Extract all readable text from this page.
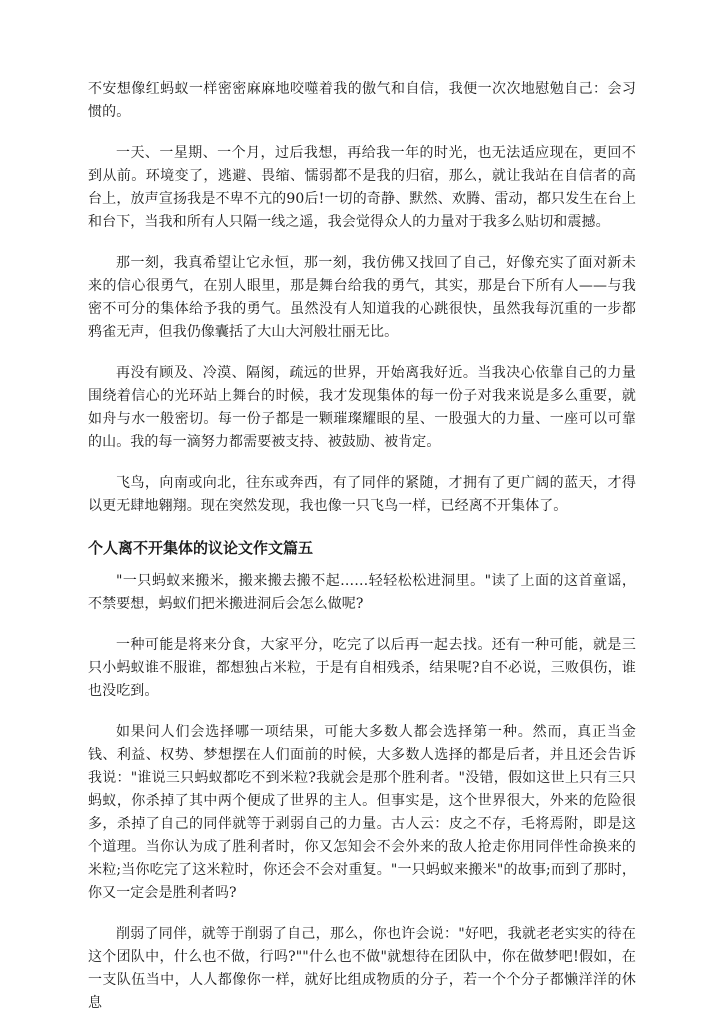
不安想像红蚂蚁一样密密麻麻地咬噬着我的傲气和自信，我便一次次地慰勉自己：会习惯的。

一天、一星期、一个月，过后我想，再给我一年的时光，也无法适应现在，更回不到从前。环境变了，逃避、畏缩、懦弱都不是我的归宿，那么，就让我站在自信者的高台上，放声宣扬我是不卑不亢的90后!一切的奇静、默然、欢腾、雷动，都只发生在台上和台下，当我和所有人只隔一线之遥，我会觉得众人的力量对于我多么贴切和震撼。

那一刻，我真希望让它永恒，那一刻，我仿佛又找回了自己，好像充实了面对新未来的信心很勇气，在别人眼里，那是舞台给我的勇气，其实，那是台下所有人——与我密不可分的集体给予我的勇气。虽然没有人知道我的心跳很快，虽然我每沉重的一步都鸦雀无声，但我仍像囊括了大山大河般壮丽无比。

再没有顾及、冷漠、隔阂，疏远的世界，开始离我好近。当我决心依靠自己的力量围绕着信心的光环站上舞台的时候，我才发现集体的每一份子对我来说是多么重要，就如舟与水一般密切。每一份子都是一颗璀璨耀眼的星、一股强大的力量、一座可以可靠的山。我的每一滴努力都需要被支持、被鼓励、被肯定。

飞鸟，向南或向北，往东或奔西，有了同伴的紧随，才拥有了更广阔的蓝天，才得以更无肆地翱翔。现在突然发现，我也像一只飞鸟一样，已经离不开集体了。

个人离不开集体的议论文作文篇五

"一只蚂蚁来搬米，搬来搬去搬不起……轻轻松松进洞里。"读了上面的这首童谣，不禁要想，蚂蚁们把米搬进洞后会怎么做呢?

一种可能是将来分食，大家平分，吃完了以后再一起去找。还有一种可能，就是三只小蚂蚁谁不服谁，都想独占米粒，于是有自相残杀，结果呢?自不必说，三败俱伤，谁也没吃到。

如果问人们会选择哪一项结果，可能大多数人都会选择第一种。然而，真正当金钱、利益、权势、梦想摆在人们面前的时候，大多数人选择的都是后者，并且还会告诉我说："谁说三只蚂蚁都吃不到米粒?我就会是那个胜利者。"没错，假如这世上只有三只蚂蚁，你杀掉了其中两个便成了世界的主人。但事实是，这个世界很大，外来的危险很多，杀掉了自己的同伴就等于剥弱自己的力量。古人云：皮之不存，毛将焉附，即是这个道理。当你认为成了胜利者时，你又怎知会不会外来的敌人抢走你用同伴性命换来的米粒;当你吃完了这米粒时，你还会不会对重复。"一只蚂蚁来搬米"的故事;而到了那时，你又一定会是胜利者吗?

削弱了同伴，就等于削弱了自己，那么，你也许会说："好吧，我就老老实实的待在这个团队中，什么也不做，行吗?""什么也不做"就想待在团队中，你在做梦吧!假如，在一支队伍当中，人人都像你一样，就好比组成物质的分子，若一个个分子都懒洋洋的休息
